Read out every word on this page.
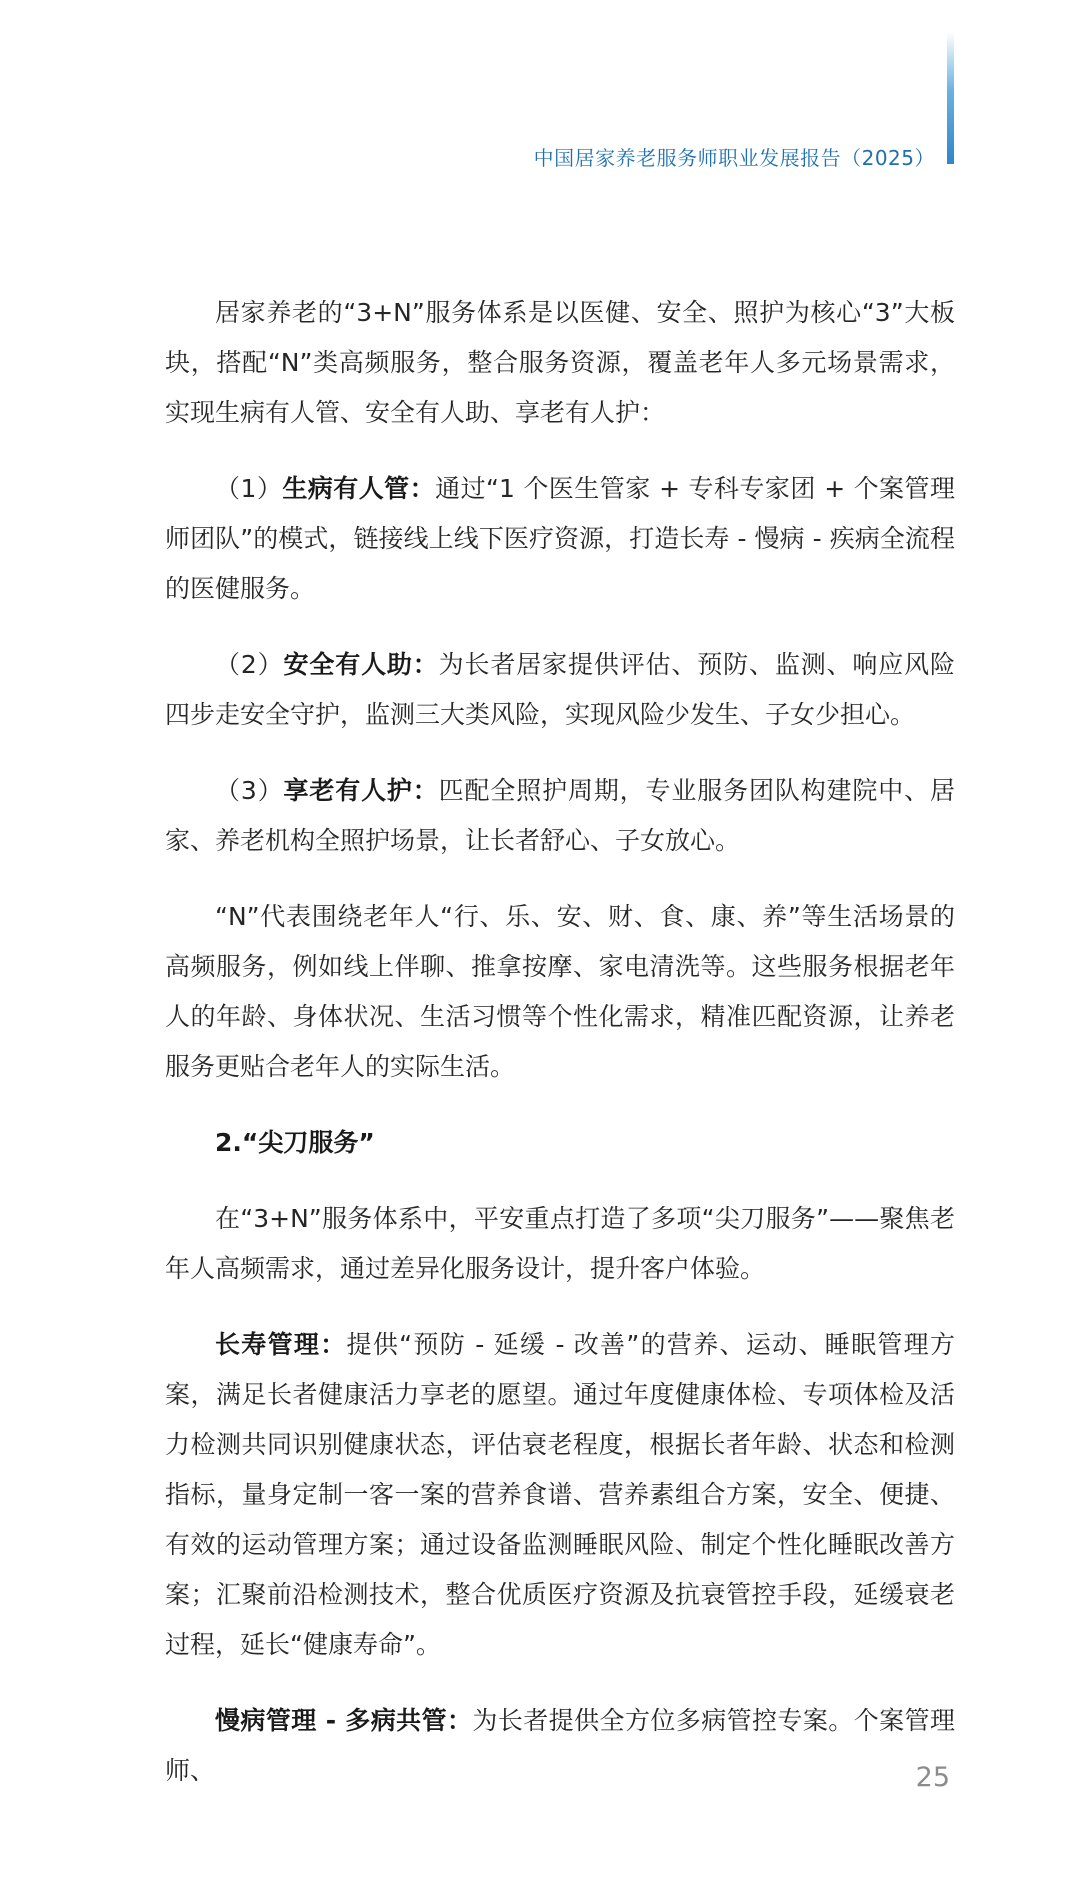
中国居家养老服务师职业发展报告（2025）

居家养老的“3+N”服务体系是以医健、安全、照护为核心“3”大板块，搭配“N”类高频服务，整合服务资源，覆盖老年人多元场景需求，实现生病有人管、安全有人助、享老有人护：

（1）生病有人管：通过“1 个医生管家 + 专科专家团 + 个案管理师团队”的模式，链接线上线下医疗资源，打造长寿 - 慢病 - 疾病全流程的医健服务。

（2）安全有人助：为长者居家提供评估、预防、监测、响应风险四步走安全守护，监测三大类风险，实现风险少发生、子女少担心。

（3）享老有人护：匹配全照护周期，专业服务团队构建院中、居家、养老机构全照护场景，让长者舒心、子女放心。

“N”代表围绕老年人“行、乐、安、财、食、康、养”等生活场景的高频服务，例如线上伴聊、推拿按摩、家电清洗等。这些服务根据老年人的年龄、身体状况、生活习惯等个性化需求，精准匹配资源，让养老服务更贴合老年人的实际生活。

2.“尖刀服务”

在“3+N”服务体系中，平安重点打造了多项“尖刀服务”——聚焦老年人高频需求，通过差异化服务设计，提升客户体验。

长寿管理：提供“预防 - 延缓 - 改善”的营养、运动、睡眠管理方案，满足长者健康活力享老的愿望。通过年度健康体检、专项体检及活力检测共同识别健康状态，评估衰老程度，根据长者年龄、状态和检测指标，量身定制一客一案的营养食谱、营养素组合方案，安全、便捷、有效的运动管理方案；通过设备监测睡眠风险、制定个性化睡眠改善方案；汇聚前沿检测技术，整合优质医疗资源及抗衰管控手段，延缓衰老过程，延长“健康寿命”。

慢病管理 - 多病共管：为长者提供全方位多病管控专案。个案管理师、	25
